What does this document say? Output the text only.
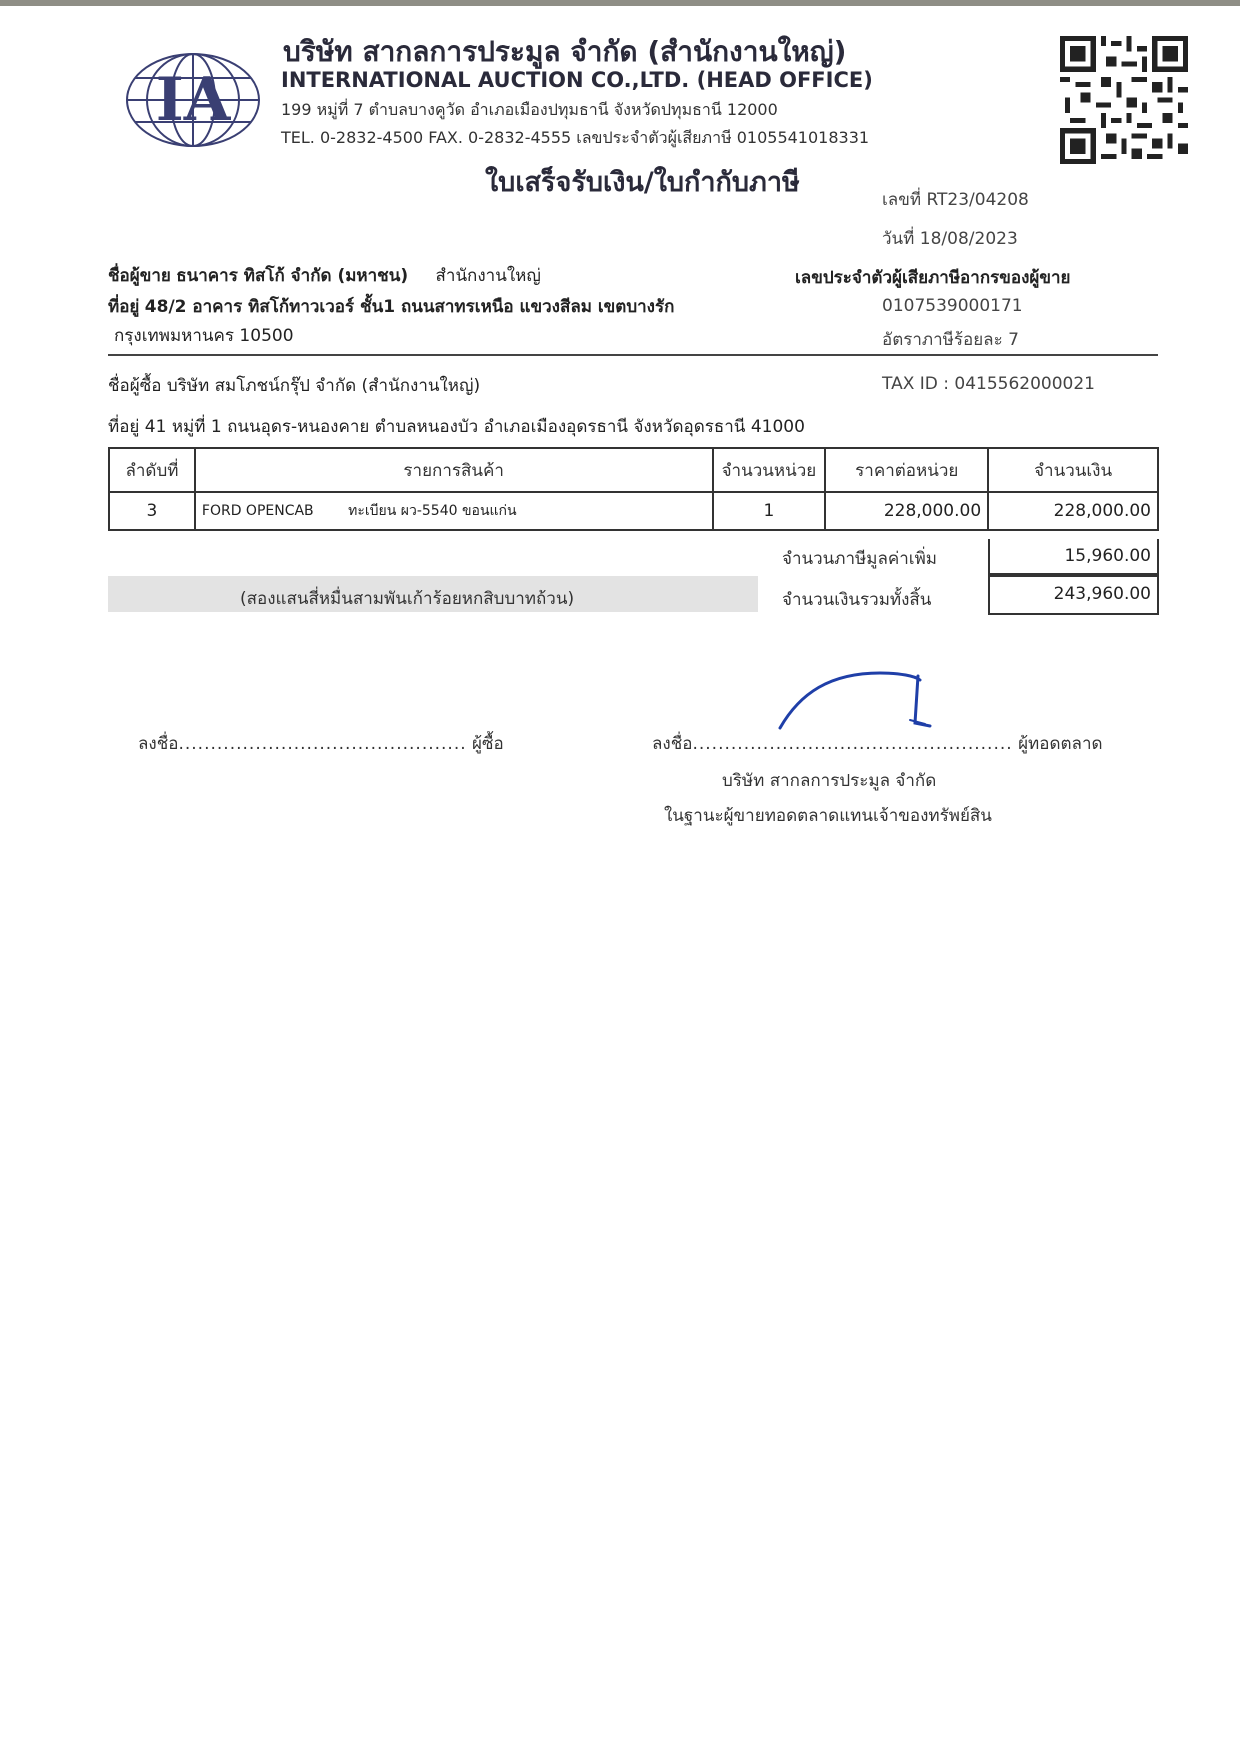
IA
บริษัท สากลการประมูล จำกัด (สำนักงานใหญ่)
INTERNATIONAL AUCTION CO.,LTD. (HEAD OFFICE)
199 หมู่ที่ 7 ตำบลบางคูวัด อำเภอเมืองปทุมธานี จังหวัดปทุมธานี 12000
TEL. 0-2832-4500 FAX. 0-2832-4555 เลขประจำตัวผู้เสียภาษี 0105541018331
ใบเสร็จรับเงิน/ใบกำกับภาษี
เลขที่ RT23/04208
วันที่ 18/08/2023
ชื่อผู้ขาย ธนาคาร ทิสโก้ จำกัด (มหาชน) สำนักงานใหญ่
ที่อยู่ 48/2 อาคาร ทิสโก้ทาวเวอร์ ชั้น1 ถนนสาทรเหนือ แขวงสีลม เขตบางรัก
กรุงเทพมหานคร 10500
เลขประจำตัวผู้เสียภาษีอากรของผู้ขาย
0107539000171
อัตราภาษีร้อยละ 7
ชื่อผู้ซื้อ บริษัท สมโภชน์กรุ๊ป จำกัด (สำนักงานใหญ่)	TAX ID : 0415562000021
ที่อยู่ 41 หมู่ที่ 1 ถนนอุดร-หนองคาย ตำบลหนองบัว อำเภอเมืองอุดรธานี จังหวัดอุดรธานี 41000
ลำดับที่	รายการสินค้า	จำนวนหน่วย	ราคาต่อหน่วย	จำนวนเงิน
3	FORD OPENCAB ทะเบียน ผว-5540 ขอนแก่น	1	228,000.00	228,000.00
จำนวนภาษีมูลค่าเพิ่ม	15,960.00
(สองแสนสี่หมื่นสามพันเก้าร้อยหกสิบบาทถ้วน)	จำนวนเงินรวมทั้งสิ้น	243,960.00
ลงชื่อ............................................. ผู้ซื้อ	ลงชื่อ.................................................. ผู้ทอดตลาด
บริษัท สากลการประมูล จำกัด
ในฐานะผู้ขายทอดตลาดแทนเจ้าของทรัพย์สิน
